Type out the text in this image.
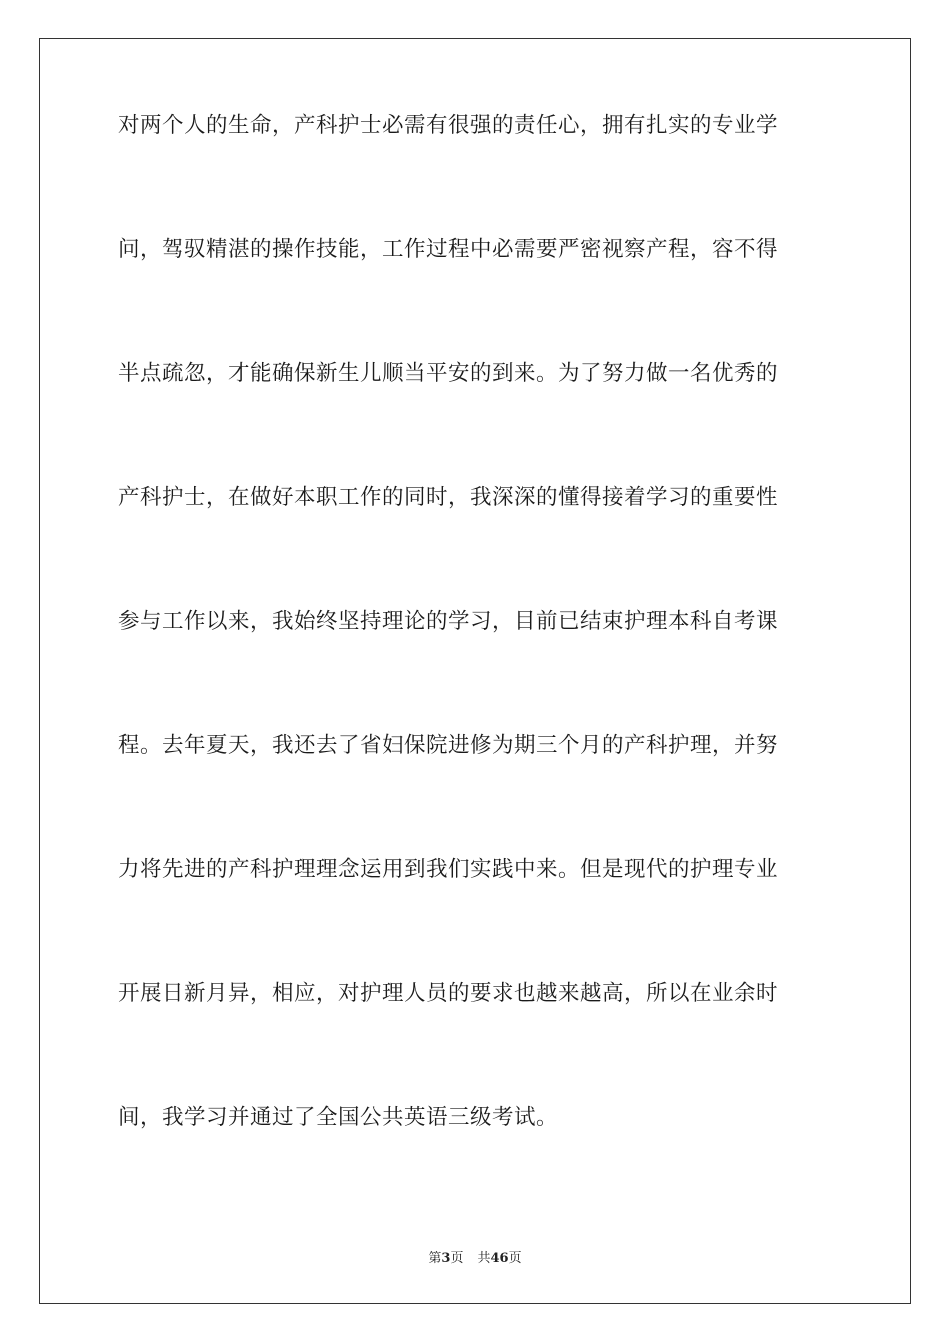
对两个人的生命，产科护士必需有很强的责任心，拥有扎实的专业学

问，驾驭精湛的操作技能，工作过程中必需要严密视察产程，容不得

半点疏忽，才能确保新生儿顺当平安的到来。为了努力做一名优秀的

产科护士，在做好本职工作的同时，我深深的懂得接着学习的重要性

参与工作以来，我始终坚持理论的学习，目前已结束护理本科自考课

程。去年夏天，我还去了省妇保院进修为期三个月的产科护理，并努

力将先进的产科护理理念运用到我们实践中来。但是现代的护理专业

开展日新月异，相应，对护理人员的要求也越来越高，所以在业余时

间，我学习并通过了全国公共英语三级考试。

第3页 共46页
